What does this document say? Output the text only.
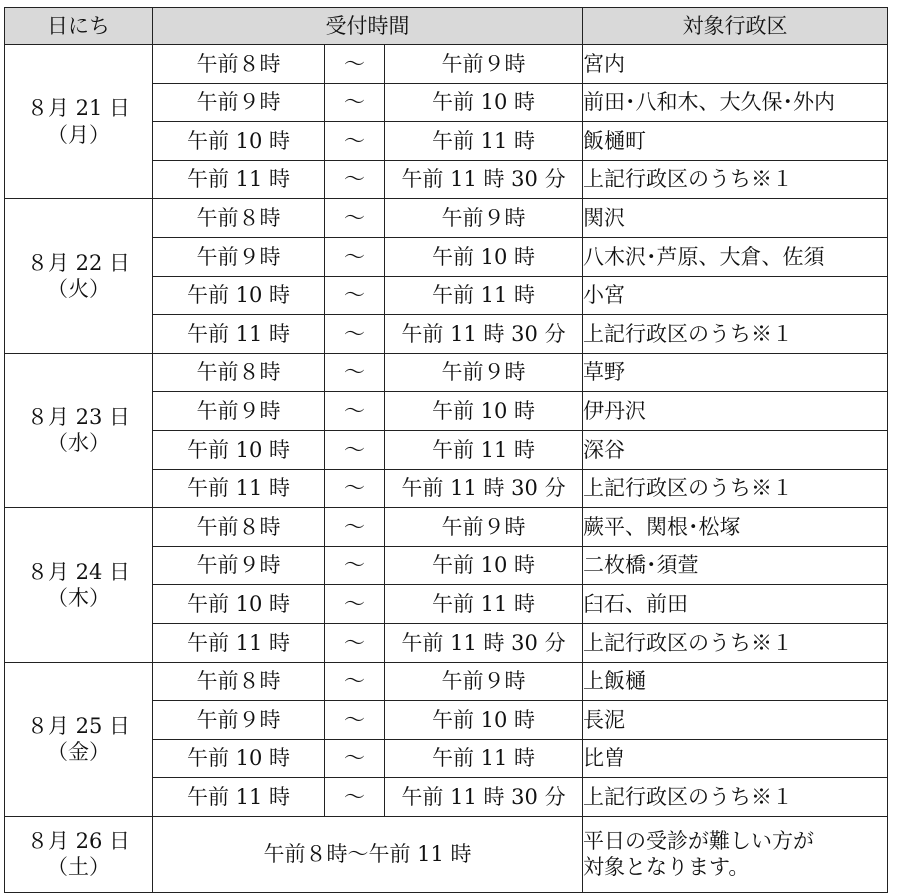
日にち	受付時間			対象行政区

８月 21 日
（月）	午前８時	～	午前９時	宮内
	午前９時	～	午前 10 時	前田･八和木、大久保･外内
	午前 10 時	～	午前 11 時	飯樋町
	午前 11 時	～	午前 11 時 30 分	上記行政区のうち※１

８月 22 日
（火）	午前８時	～	午前９時	関沢
	午前９時	～	午前 10 時	八木沢･芦原、大倉、佐須
	午前 10 時	～	午前 11 時	小宮
	午前 11 時	～	午前 11 時 30 分	上記行政区のうち※１

８月 23 日
（水）	午前８時	～	午前９時	草野
	午前９時	～	午前 10 時	伊丹沢
	午前 10 時	～	午前 11 時	深谷
	午前 11 時	～	午前 11 時 30 分	上記行政区のうち※１

８月 24 日
（木）	午前８時	～	午前９時	蕨平、関根･松塚
	午前９時	～	午前 10 時	二枚橋･須萱
	午前 10 時	～	午前 11 時	臼石、前田
	午前 11 時	～	午前 11 時 30 分	上記行政区のうち※１

８月 25 日
（金）	午前８時	～	午前９時	上飯樋
	午前９時	～	午前 10 時	長泥
	午前 10 時	～	午前 11 時	比曽
	午前 11 時	～	午前 11 時 30 分	上記行政区のうち※１

８月 26 日
（土）	午前８時～午前 11 時			平日の受診が難しい方が
対象となります。
